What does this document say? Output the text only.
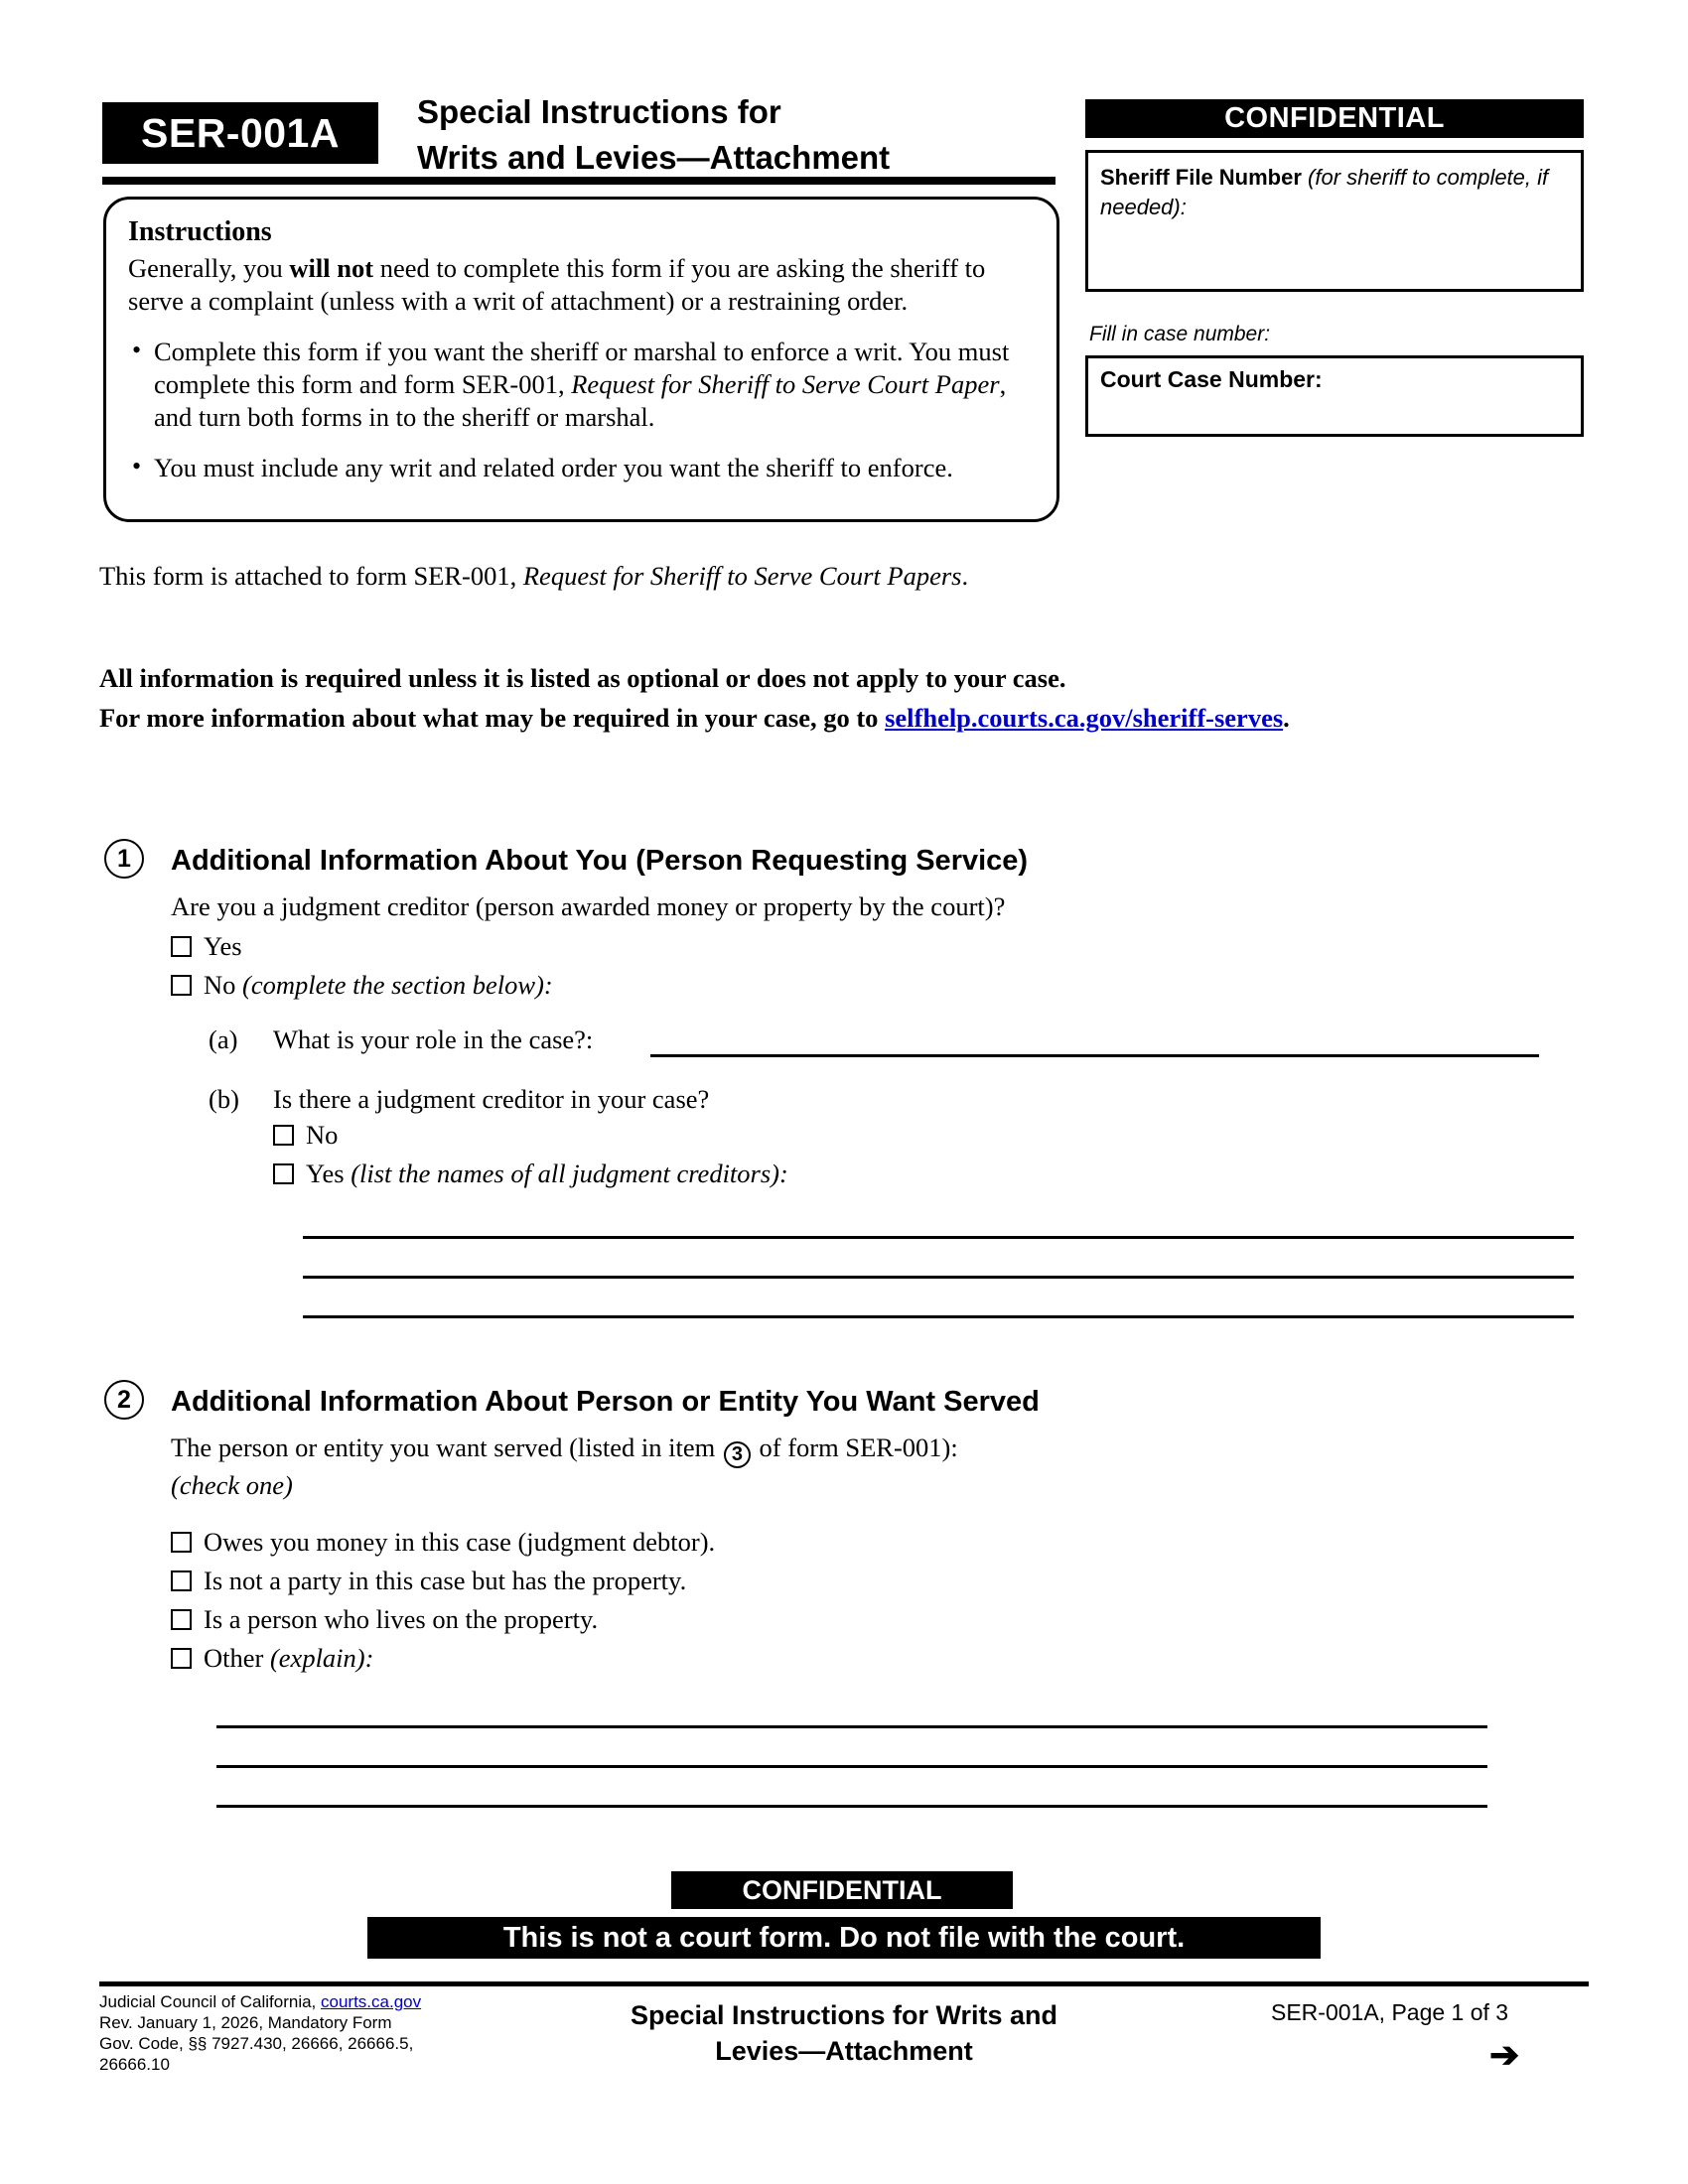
SER-001A Special Instructions for
Writs and Levies—Attachment
Instructions
Generally, you will not need to complete this form if you are asking the sheriff to serve a complaint (unless with a writ of attachment) or a restraining order.
• Complete this form if you want the sheriff or marshal to enforce a writ. You must complete this form and form SER-001, Request for Sheriff to Serve Court Paper, and turn both forms in to the sheriff or marshal.
• You must include any writ and related order you want the sheriff to enforce.
CONFIDENTIAL
Sheriff File Number (for sheriff to complete, if needed):
Fill in case number:
Court Case Number:
This form is attached to form SER-001, Request for Sheriff to Serve Court Papers.
All information is required unless it is listed as optional or does not apply to your case.
For more information about what may be required in your case, go to selfhelp.courts.ca.gov/sheriff-serves.
1 Additional Information About You (Person Requesting Service)
Are you a judgment creditor (person awarded money or property by the court)?
Yes
No (complete the section below):
(a) What is your role in the case?:
(b) Is there a judgment creditor in your case?
No
Yes (list the names of all judgment creditors):
2 Additional Information About Person or Entity You Want Served
The person or entity you want served (listed in item 3 of form SER-001):
(check one)
Owes you money in this case (judgment debtor).
Is not a party in this case but has the property.
Is a person who lives on the property.
Other (explain):
CONFIDENTIAL
This is not a court form. Do not file with the court.
Judicial Council of California, courts.ca.gov
Rev. January 1, 2026, Mandatory Form
Gov. Code, §§ 7927.430, 26666, 26666.5,
26666.10
Special Instructions for Writs and
Levies—Attachment
SER-001A, Page 1 of 3
➔
